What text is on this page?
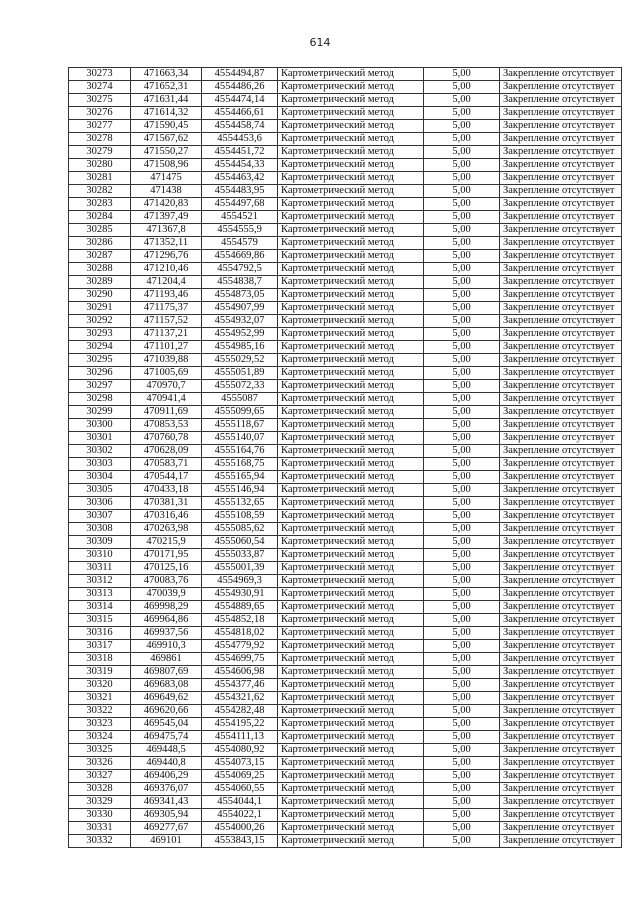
614
30273	471663,34	4554494,87	Картометрический метод	5,00	Закрепление отсутствует
30274	471652,31	4554486,26	Картометрический метод	5,00	Закрепление отсутствует
30275	471631,44	4554474,14	Картометрический метод	5,00	Закрепление отсутствует
30276	471614,32	4554466,61	Картометрический метод	5,00	Закрепление отсутствует
30277	471590,45	4554458,74	Картометрический метод	5,00	Закрепление отсутствует
30278	471567,62	4554453,6	Картометрический метод	5,00	Закрепление отсутствует
30279	471550,27	4554451,72	Картометрический метод	5,00	Закрепление отсутствует
30280	471508,96	4554454,33	Картометрический метод	5,00	Закрепление отсутствует
30281	471475	4554463,42	Картометрический метод	5,00	Закрепление отсутствует
30282	471438	4554483,95	Картометрический метод	5,00	Закрепление отсутствует
30283	471420,83	4554497,68	Картометрический метод	5,00	Закрепление отсутствует
30284	471397,49	4554521	Картометрический метод	5,00	Закрепление отсутствует
30285	471367,8	4554555,9	Картометрический метод	5,00	Закрепление отсутствует
30286	471352,11	4554579	Картометрический метод	5,00	Закрепление отсутствует
30287	471296,76	4554669,86	Картометрический метод	5,00	Закрепление отсутствует
30288	471210,46	4554792,5	Картометрический метод	5,00	Закрепление отсутствует
30289	471204,4	4554838,7	Картометрический метод	5,00	Закрепление отсутствует
30290	471193,46	4554873,05	Картометрический метод	5,00	Закрепление отсутствует
30291	471175,37	4554907,99	Картометрический метод	5,00	Закрепление отсутствует
30292	471157,52	4554932,07	Картометрический метод	5,00	Закрепление отсутствует
30293	471137,21	4554952,99	Картометрический метод	5,00	Закрепление отсутствует
30294	471101,27	4554985,16	Картометрический метод	5,00	Закрепление отсутствует
30295	471039,88	4555029,52	Картометрический метод	5,00	Закрепление отсутствует
30296	471005,69	4555051,89	Картометрический метод	5,00	Закрепление отсутствует
30297	470970,7	4555072,33	Картометрический метод	5,00	Закрепление отсутствует
30298	470941,4	4555087	Картометрический метод	5,00	Закрепление отсутствует
30299	470911,69	4555099,65	Картометрический метод	5,00	Закрепление отсутствует
30300	470853,53	4555118,67	Картометрический метод	5,00	Закрепление отсутствует
30301	470760,78	4555140,07	Картометрический метод	5,00	Закрепление отсутствует
30302	470628,09	4555164,76	Картометрический метод	5,00	Закрепление отсутствует
30303	470583,71	4555168,75	Картометрический метод	5,00	Закрепление отсутствует
30304	470544,17	4555165,94	Картометрический метод	5,00	Закрепление отсутствует
30305	470433,18	4555146,94	Картометрический метод	5,00	Закрепление отсутствует
30306	470381,31	4555132,65	Картометрический метод	5,00	Закрепление отсутствует
30307	470316,46	4555108,59	Картометрический метод	5,00	Закрепление отсутствует
30308	470263,98	4555085,62	Картометрический метод	5,00	Закрепление отсутствует
30309	470215,9	4555060,54	Картометрический метод	5,00	Закрепление отсутствует
30310	470171,95	4555033,87	Картометрический метод	5,00	Закрепление отсутствует
30311	470125,16	4555001,39	Картометрический метод	5,00	Закрепление отсутствует
30312	470083,76	4554969,3	Картометрический метод	5,00	Закрепление отсутствует
30313	470039,9	4554930,91	Картометрический метод	5,00	Закрепление отсутствует
30314	469998,29	4554889,65	Картометрический метод	5,00	Закрепление отсутствует
30315	469964,86	4554852,18	Картометрический метод	5,00	Закрепление отсутствует
30316	469937,56	4554818,02	Картометрический метод	5,00	Закрепление отсутствует
30317	469910,3	4554779,92	Картометрический метод	5,00	Закрепление отсутствует
30318	469861	4554699,75	Картометрический метод	5,00	Закрепление отсутствует
30319	469807,69	4554606,98	Картометрический метод	5,00	Закрепление отсутствует
30320	469683,08	4554377,46	Картометрический метод	5,00	Закрепление отсутствует
30321	469649,62	4554321,62	Картометрический метод	5,00	Закрепление отсутствует
30322	469620,66	4554282,48	Картометрический метод	5,00	Закрепление отсутствует
30323	469545,04	4554195,22	Картометрический метод	5,00	Закрепление отсутствует
30324	469475,74	4554111,13	Картометрический метод	5,00	Закрепление отсутствует
30325	469448,5	4554080,92	Картометрический метод	5,00	Закрепление отсутствует
30326	469440,8	4554073,15	Картометрический метод	5,00	Закрепление отсутствует
30327	469406,29	4554069,25	Картометрический метод	5,00	Закрепление отсутствует
30328	469376,07	4554060,55	Картометрический метод	5,00	Закрепление отсутствует
30329	469341,43	4554044,1	Картометрический метод	5,00	Закрепление отсутствует
30330	469305,94	4554022,1	Картометрический метод	5,00	Закрепление отсутствует
30331	469277,67	4554000,26	Картометрический метод	5,00	Закрепление отсутствует
30332	469101	4553843,15	Картометрический метод	5,00	Закрепление отсутствует
